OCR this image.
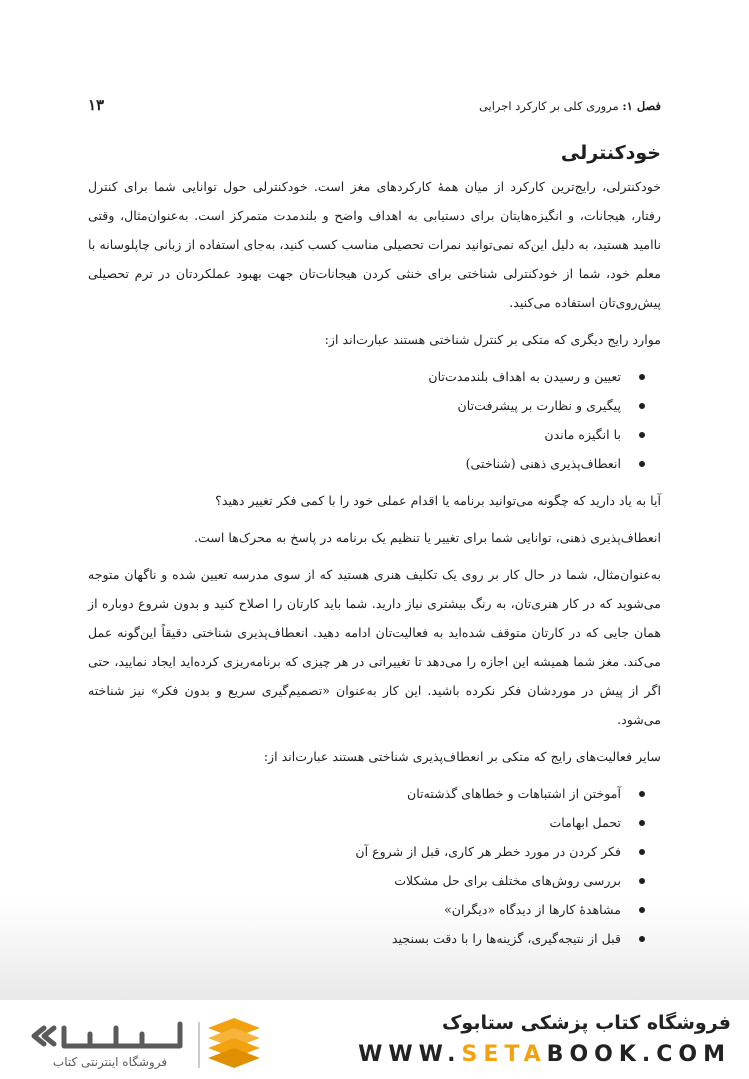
فصل ۱: مروری کلی بر کارکرد اجرایی
۱۳
خودکنترلی

خودکنترلی، رایج‌ترین کارکرد از میان همهٔ کارکردهای مغز است. خودکنترلی حول توانایی شما برای کنترل رفتار، هیجانات، و انگیزه‌هایتان برای دستیابی به اهداف واضح و بلندمدت متمرکز است. به‌عنوان‌مثال، وقتی ناامید هستید، به دلیل این‌که نمی‌توانید نمرات تحصیلی مناسب کسب کنید، به‌جای استفاده از زبانی چاپلوسانه با معلم خود، شما از خودکنترلی شناختی برای خنثی کردن هیجانات‌تان جهت بهبود عملکردتان در ترم تحصیلی پیش‌روی‌تان استفاده می‌کنید.

موارد رایج دیگری که متکی بر کنترل شناختی هستند عبارت‌اند از:

تعیین و رسیدن به اهداف بلندمدت‌تان
پیگیری و نظارت بر پیشرفت‌تان
با انگیزه ماندن
انعطاف‌پذیری ذهنی (شناختی)

آیا به یاد دارید که چگونه می‌توانید برنامه یا اقدام عملی خود را با کمی فکر تغییر دهید؟

انعطاف‌پذیری ذهنی، توانایی شما برای تغییر یا تنظیم یک برنامه در پاسخ به محرک‌ها است.

به‌عنوان‌مثال، شما در حال کار بر روی یک تکلیف هنری هستید که از سوی مدرسه تعیین شده و ناگهان متوجه می‌شوید که در کار هنری‌تان، به رنگ بیشتری نیاز دارید. شما باید کارتان را اصلاح کنید و بدون شروع دوباره از همان جایی که در کارتان متوقف شده‌اید به فعالیت‌تان ادامه دهید. انعطاف‌پذیری شناختی دقیقاً این‌گونه عمل می‌کند. مغز شما همیشه این اجازه را می‌دهد تا تغییراتی در هر چیزی که برنامه‌ریزی کرده‌اید ایجاد نمایید، حتی اگر از پیش در موردشان فکر نکرده باشید. این کار به‌عنوان «تصمیم‌گیری سریع و بدون فکر» نیز شناخته می‌شود.

سایر فعالیت‌های رایج که متکی بر انعطاف‌پذیری شناختی هستند عبارت‌اند از:

آموختن از اشتباهات و خطاهای گذشته‌تان
تحمل ابهامات
فکر کردن در مورد خطر هر کاری، قبل از شروع آن
بررسی روش‌های مختلف برای حل مشکلات
مشاهدهٔ کارها از دیدگاه «دیگران»
قبل از نتیجه‌گیری، گزینه‌ها را با دقت بسنجید
فروشگاه اینترنتی کتاب
فروشگاه کتاب پزشکی ستابوک
WWW.SETABOOK.COM
